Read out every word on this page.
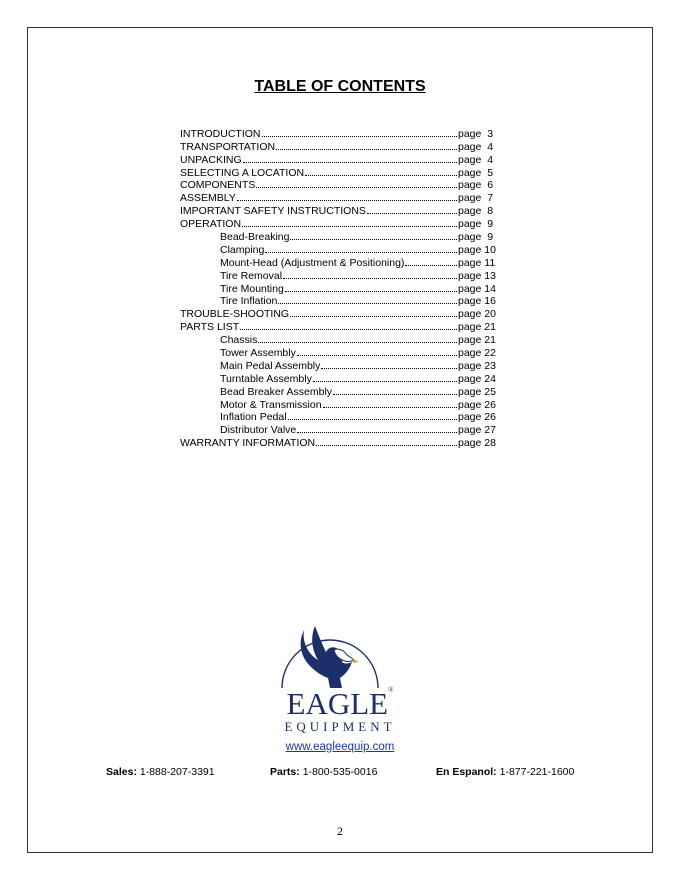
TABLE OF CONTENTS
INTRODUCTION	page  3
TRANSPORTATION	page  4
UNPACKING	page  4
SELECTING A LOCATION	page  5
COMPONENTS	page  6
ASSEMBLY	page  7
IMPORTANT SAFETY INSTRUCTIONS	page  8
OPERATION	page  9
Bead-Breaking	page  9
Clamping	page 10
Mount-Head (Adjustment & Positioning)	page 11
Tire Removal	page 13
Tire Mounting	page 14
Tire Inflation	page 16
TROUBLE-SHOOTING	page 20
PARTS LIST	page 21
Chassis	page 21
Tower Assembly	page 22
Main Pedal Assembly	page 23
Turntable Assembly	page 24
Bead Breaker Assembly	page 25
Motor & Transmission	page 26
Inflation Pedal	page 26
Distributor Valve	page 27
WARRANTY INFORMATION	page 28
EAGLE®
EQUIPMENT
www.eagleequip.com
Sales: 1-888-207-3391	Parts: 1-800-535-0016	En Espanol: 1-877-221-1600
2
